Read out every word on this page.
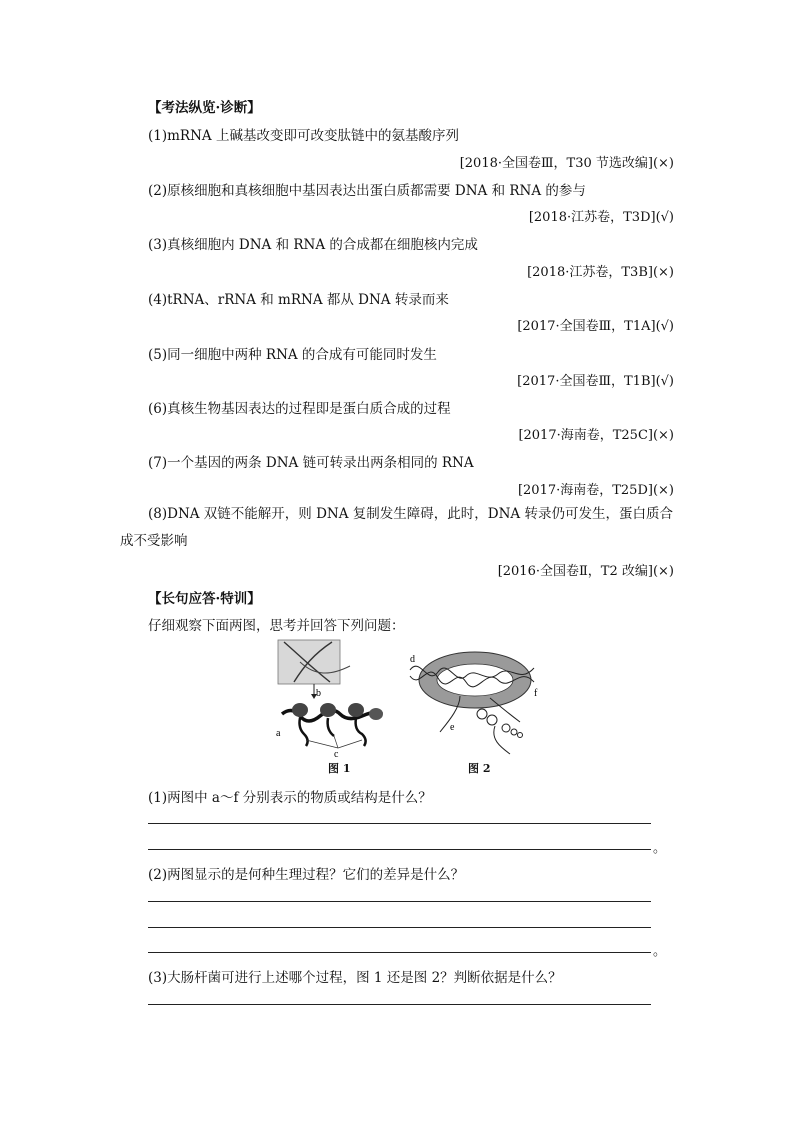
【考法纵览·诊断】
(1)mRNA 上碱基改变即可改变肽链中的氨基酸序列
[2018·全国卷Ⅲ，T30 节选改编](×)
(2)原核细胞和真核细胞中基因表达出蛋白质都需要 DNA 和 RNA 的参与
[2018·江苏卷，T3D](√)
(3)真核细胞内 DNA 和 RNA 的合成都在细胞核内完成
[2018·江苏卷，T3B](×)
(4)tRNA、rRNA 和 mRNA 都从 DNA 转录而来
[2017·全国卷Ⅲ，T1A](√)
(5)同一细胞中两种 RNA 的合成有可能同时发生
[2017·全国卷Ⅲ，T1B](√)
(6)真核生物基因表达的过程即是蛋白质合成的过程
[2017·海南卷，T25C](×)
(7)一个基因的两条 DNA 链可转录出两条相同的 RNA
[2017·海南卷，T25D](×)
(8)DNA 双链不能解开，则 DNA 复制发生障碍，此时，DNA 转录仍可发生，蛋白质合成不受影响
[2016·全国卷Ⅱ，T2 改编](×)
【长句应答·特训】
仔细观察下面两图，思考并回答下列问题：
b
a
c
d
e
f
图 1	图 2
(1)两图中 a～f 分别表示的物质或结构是什么？
。
(2)两图显示的是何种生理过程？它们的差异是什么？
。
(3)大肠杆菌可进行上述哪个过程，图 1 还是图 2？判断依据是什么？
